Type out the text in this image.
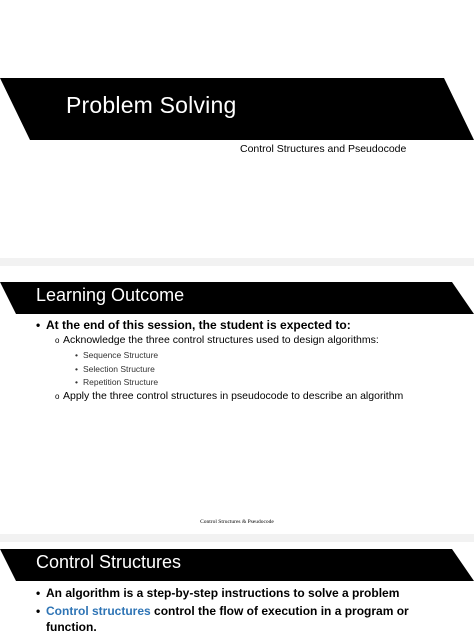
Problem Solving
Control Structures and Pseudocode
Learning Outcome
• At the end of this session, the student is expected to:
o Acknowledge the three control structures used to design algorithms:
• Sequence Structure
• Selection Structure
• Repetition Structure
o Apply the three control structures in pseudocode to describe an algorithm
Control Structures & Pseudocode
Control Structures
• An algorithm is a step-by-step instructions to solve a problem
• Control structures control the flow of execution in a program or
function.
